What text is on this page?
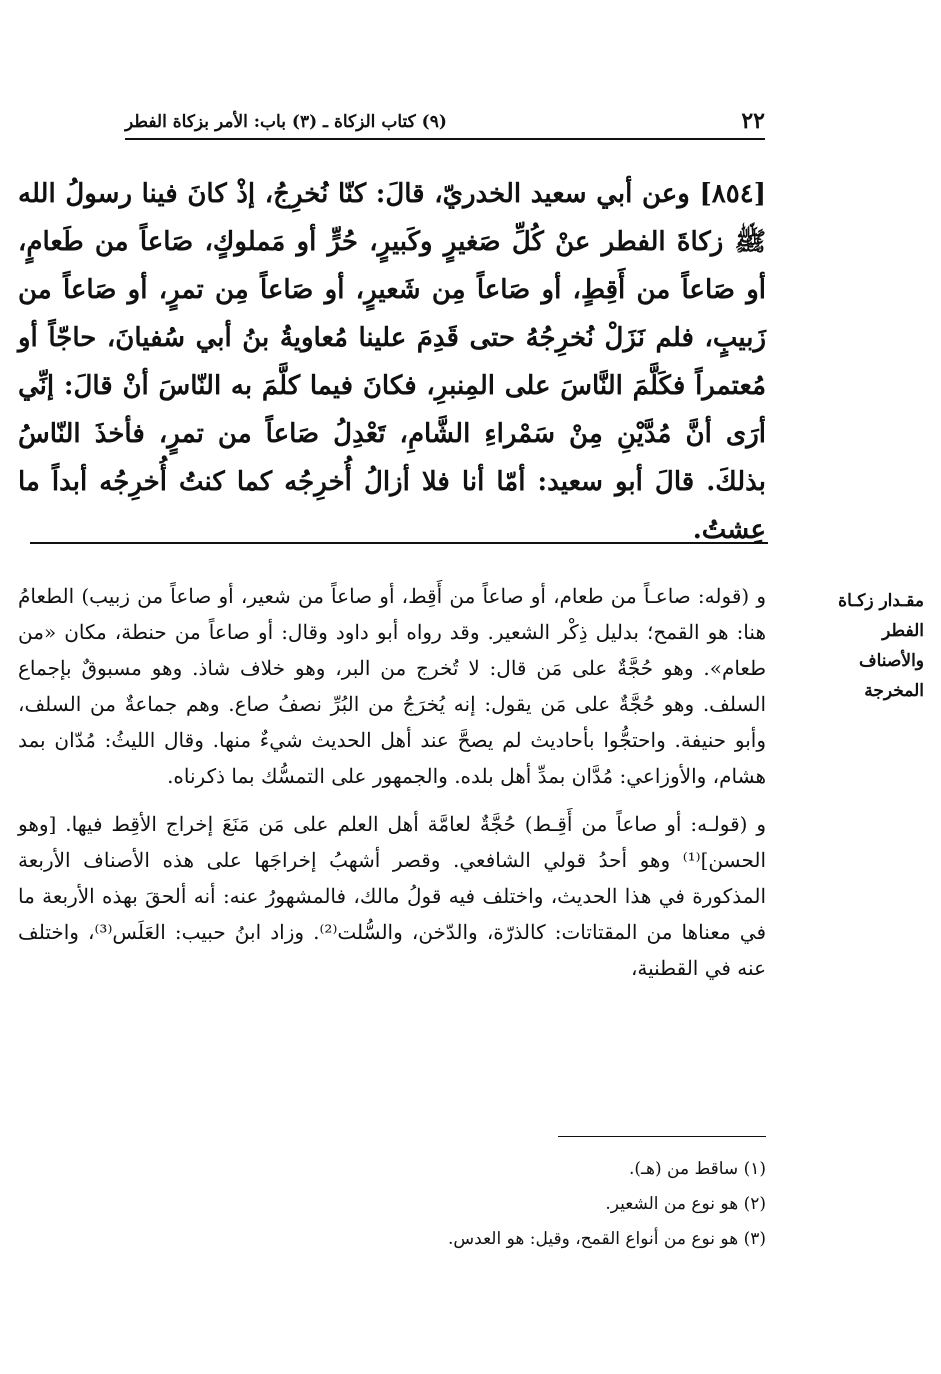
٢٢
(٩) كتاب الزكاة ـ (٣) باب: الأمر بزكاة الفطر

[٨٥٤] وعن أبي سعيد الخدريّ، قالَ: كنّا نُخرِجُ، إذْ كانَ فينا رسولُ الله ﷺ زكاةَ الفطر عنْ كُلِّ صَغيرٍ وكَبيرٍ، حُرٍّ أو مَملوكٍ، صَاعاً من طَعامٍ، أو صَاعاً من أَقِطٍ، أو صَاعاً مِن شَعيرٍ، أو صَاعاً مِن تمرٍ، أو صَاعاً من زَبيبٍ، فلم نَزَلْ نُخرِجُهُ حتى قَدِمَ علينا مُعاويةُ بنُ أبي سُفيانَ، حاجّاً أو مُعتمراً فكَلَّمَ النَّاسَ على المِنبرِ، فكانَ فيما كلَّمَ به النّاسَ أنْ قالَ: إنِّي أرَى أنَّ مُدَّيْنِ مِنْ سَمْراءِ الشَّامِ، تَعْدِلُ صَاعاً من تمرٍ، فأخذَ النّاسُ بذلكَ. قالَ أبو سعيد: أمّا أنا فلا أزالُ أُخرِجُه كما كنتُ أُخرِجُه أبداً ما عِشتُ.

مقـدار زكـاة
الفطر
والأصناف
المخرجة

و (قوله: صاعـاً من طعام، أو صاعاً من أَقِط، أو صاعاً من شعير، أو صاعاً من زبيب) الطعامُ هنا: هو القمح؛ بدليل ذِكْر الشعير. وقد رواه أبو داود وقال: أو صاعاً من حنطة، مكان «من طعام». وهو حُجَّةٌ على مَن قال: لا تُخرج من البر، وهو خلاف شاذ. وهو مسبوقٌ بإجماع السلف. وهو حُجَّةٌ على مَن يقول: إنه يُخرَجُ من البُرِّ نصفُ صاع. وهم جماعةٌ من السلف، وأبو حنيفة. واحتجُّوا بأحاديث لم يصحَّ عند أهل الحديث شيءٌ منها. وقال الليثُ: مُدّان بمد هشام، والأوزاعي: مُدَّان بمدِّ أهل بلده. والجمهور على التمسُّك بما ذكرناه.

و (قولـه: أو صاعاً من أَقِـط) حُجَّةٌ لعامَّة أهل العلم على مَن مَنَعَ إخراج الأقِط فيها. [وهو الحسن]⁽¹⁾ وهو أحدُ قولي الشافعي. وقصر أشهبُ إخراجَها على هذه الأصناف الأربعة المذكورة في هذا الحديث، واختلف فيه قولُ مالك، فالمشهورُ عنه: أنه ألحقَ بهذه الأربعة ما في معناها من المقتاتات: كالذرّة، والدّخن، والسُّلت⁽²⁾. وزاد ابنُ حبيب: العَلَس⁽³⁾، واختلف عنه في القطنية،

(١) ساقط من (هـ).
(٢) هو نوع من الشعير.
(٣) هو نوع من أنواع القمح، وقيل: هو العدس.
